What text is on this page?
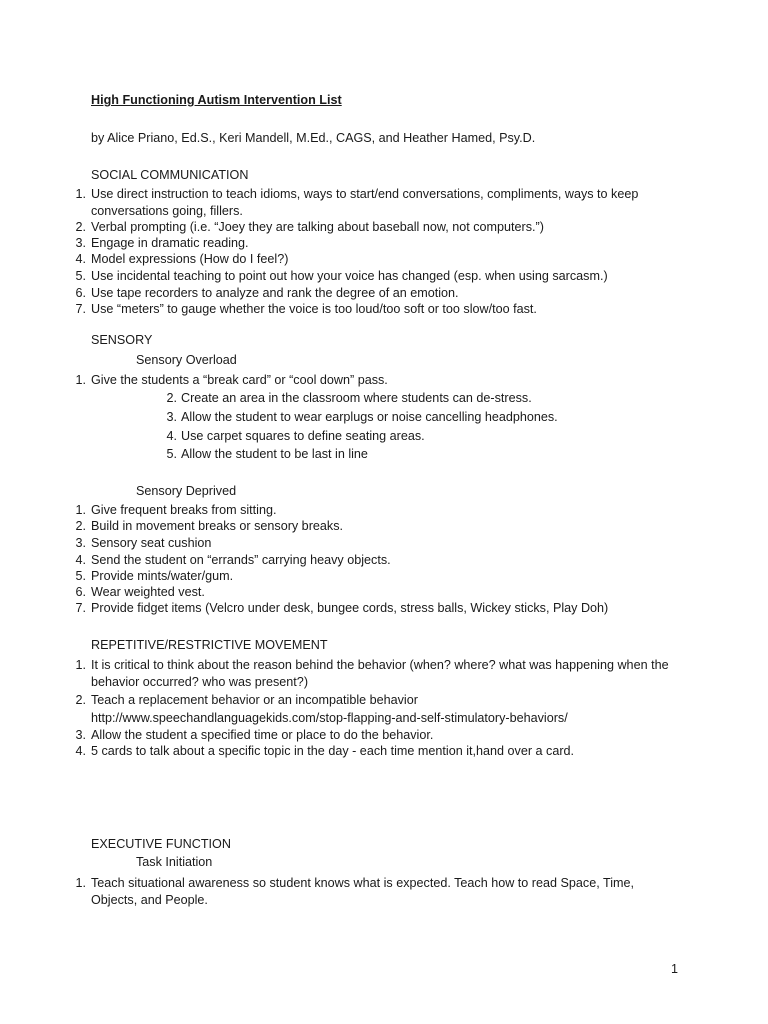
High Functioning Autism Intervention List
by Alice Priano, Ed.S., Keri Mandell, M.Ed., CAGS, and Heather Hamed, Psy.D.
SOCIAL COMMUNICATION
1. Use direct instruction to teach idioms, ways to start/end conversations, compliments, ways to keep conversations going, fillers.
2. Verbal prompting (i.e. “Joey they are talking about baseball now, not computers.”)
3. Engage in dramatic reading.
4. Model expressions (How do I feel?)
5. Use incidental teaching to point out how your voice has changed (esp. when using sarcasm.)
6. Use tape recorders to analyze and rank the degree of an emotion.
7. Use “meters” to gauge whether the voice is too loud/too soft or too slow/too fast.
SENSORY
Sensory Overload
1. Give the students a “break card” or “cool down” pass.
2. Create an area in the classroom where students can de-stress.
3. Allow the student to wear earplugs or noise cancelling headphones.
4. Use carpet squares to define seating areas.
5. Allow the student to be last in line
Sensory Deprived
1. Give frequent breaks from sitting.
2. Build in movement breaks or sensory breaks.
3. Sensory seat cushion
4. Send the student on “errands” carrying heavy objects.
5. Provide mints/water/gum.
6. Wear weighted vest.
7. Provide fidget items (Velcro under desk, bungee cords, stress balls, Wickey sticks, Play Doh)
REPETITIVE/RESTRICTIVE MOVEMENT
1. It is critical to think about the reason behind the behavior (when? where? what was happening when the behavior occurred? who was present?)
2. Teach a replacement behavior or an incompatible behavior
http://www.speechandlanguagekids.com/stop-flapping-and-self-stimulatory-behaviors/
3. Allow the student a specified time or place to do the behavior.
4. 5 cards to talk about a specific topic in the day - each time mention it,hand over a card.
EXECUTIVE FUNCTION
Task Initiation
1. Teach situational awareness so student knows what is expected. Teach how to read Space, Time, Objects, and People.
1
